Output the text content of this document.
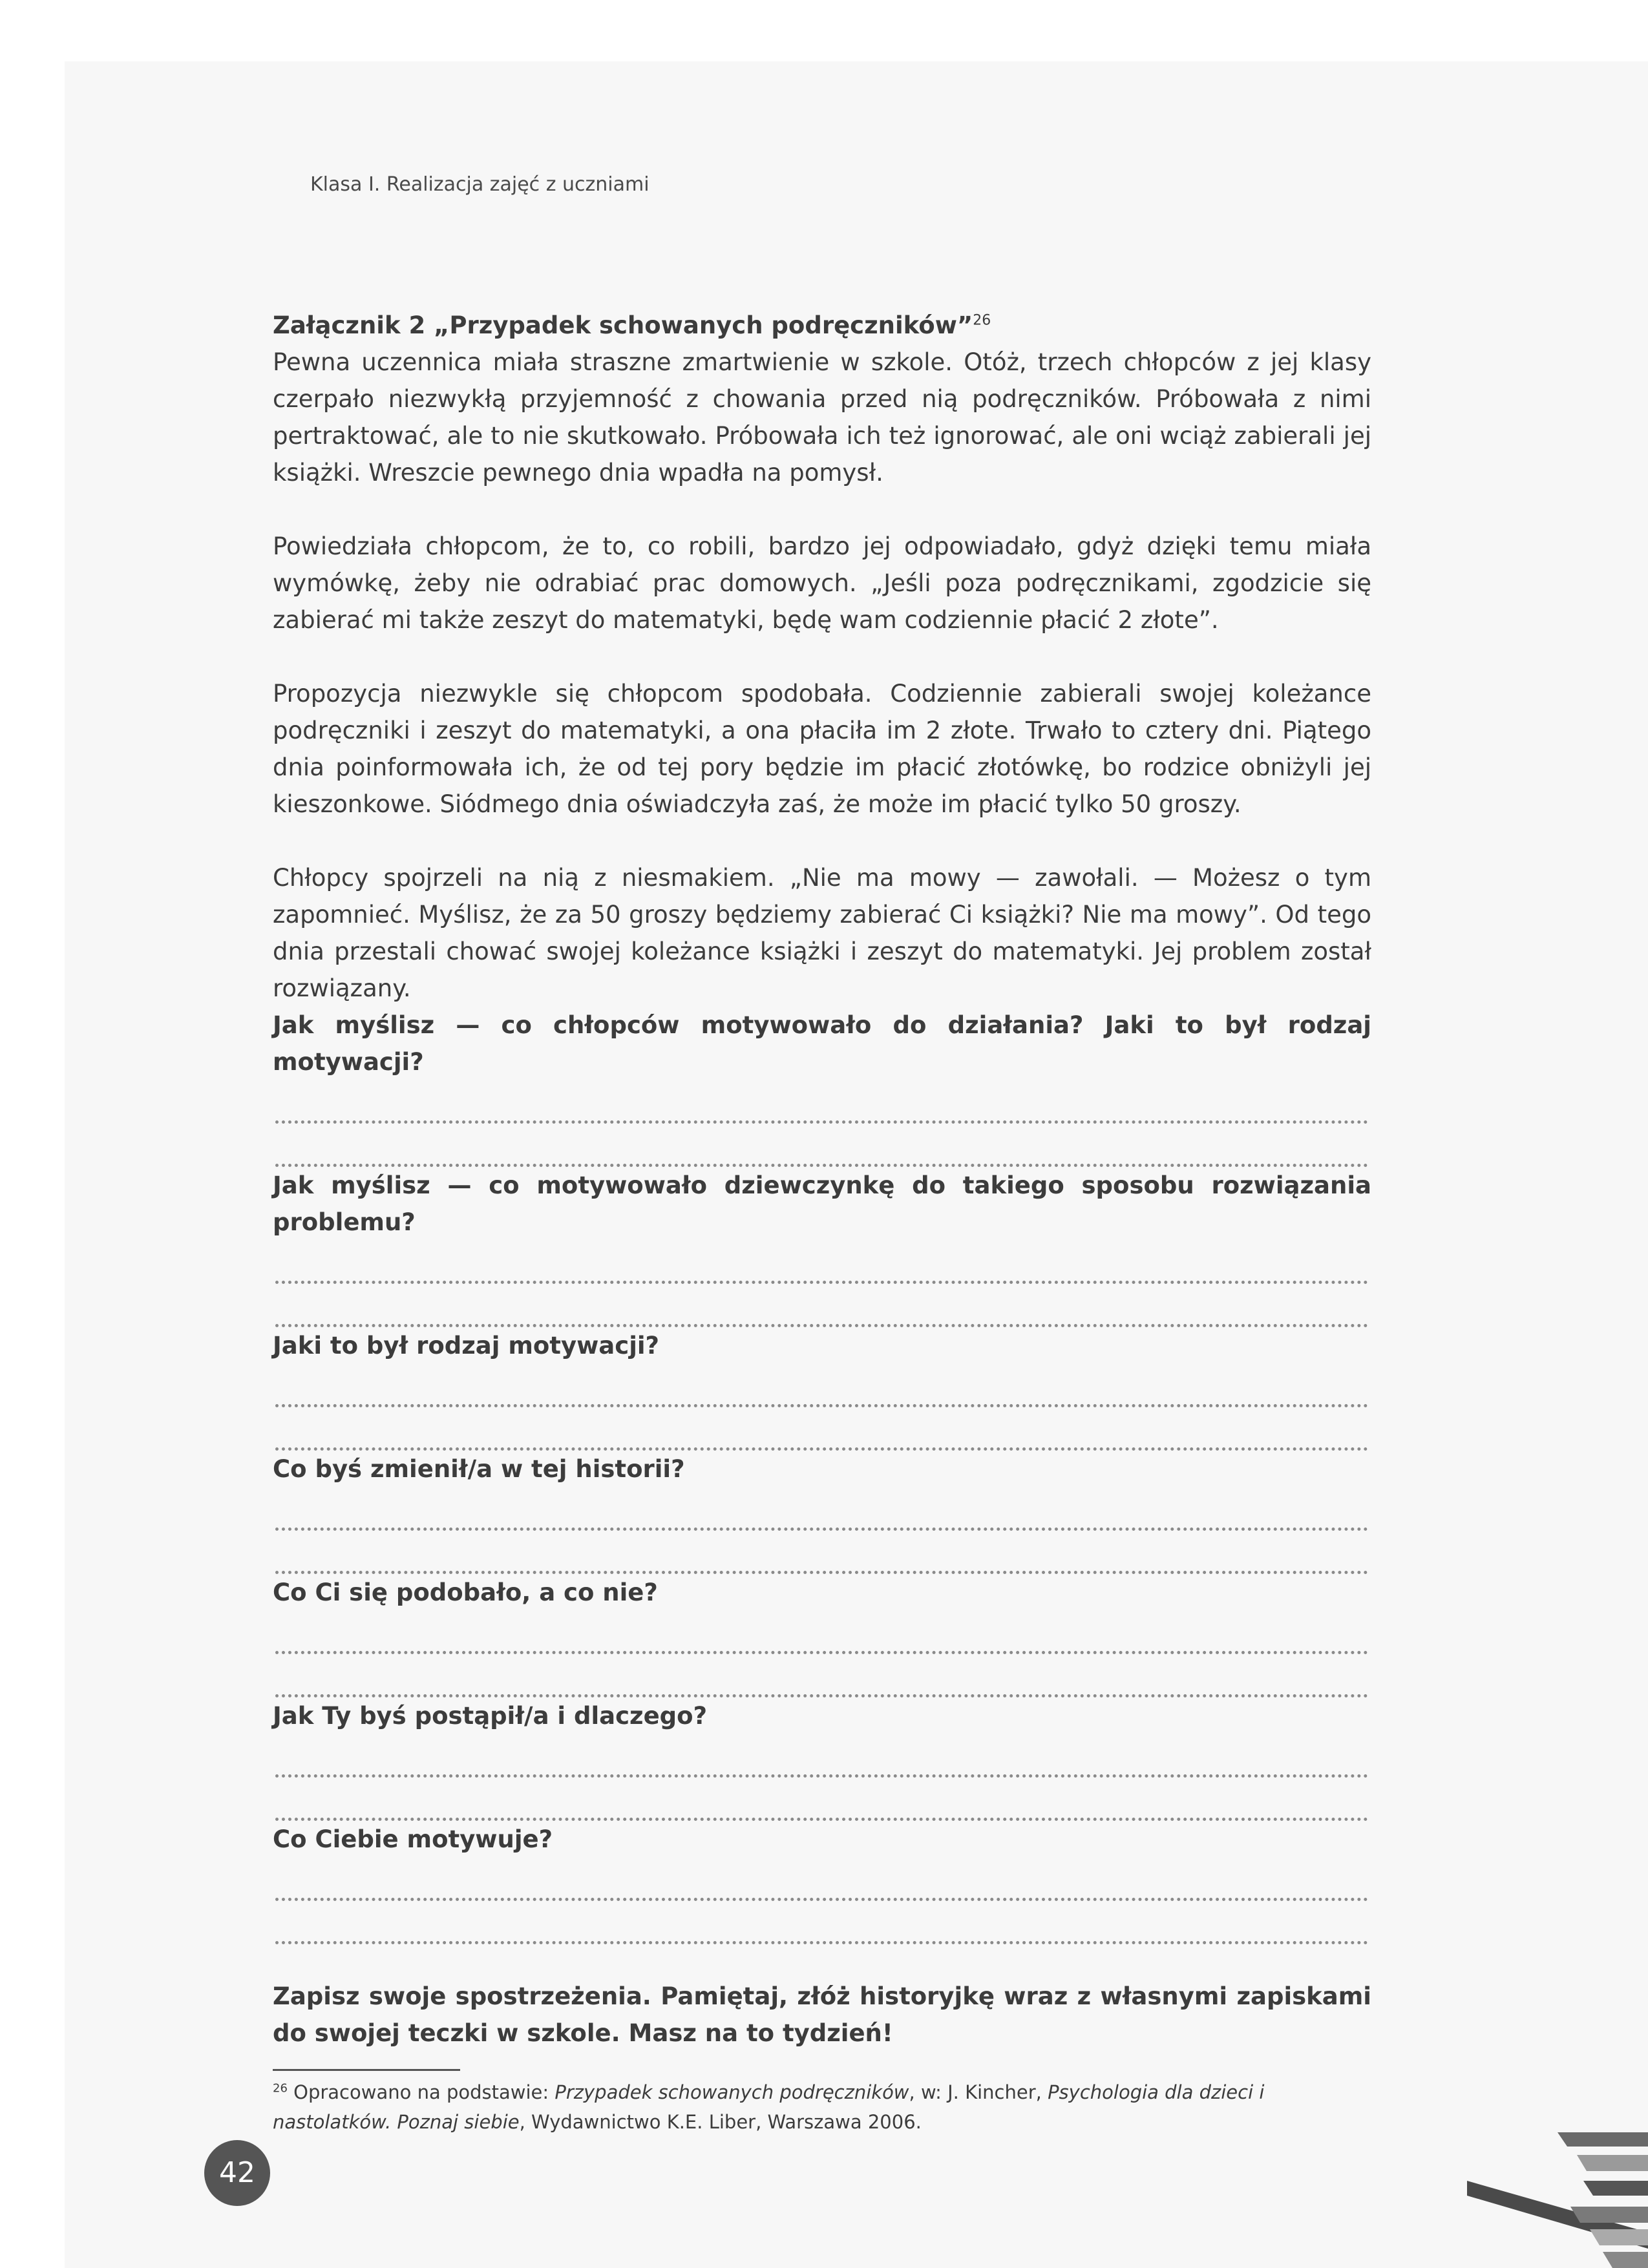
Klasa I. Realizacja zajęć z uczniami

Załącznik 2 „Przypadek schowanych podręczników”$^{26}$
Pewna uczennica miała straszne zmartwienie w szkole. Otóż, trzech chłopców z jej klasy czerpało niezwykłą przyjemność z chowania przed nią podręczników. Próbowała z nimi pertraktować, ale to nie skutkowało. Próbowała ich też ignorować, ale oni wciąż zabierali jej książki. Wreszcie pewnego dnia wpadła na pomysł.

Powiedziała chłopcom, że to, co robili, bardzo jej odpowiadało, gdyż dzięki temu miała wymówkę, żeby nie odrabiać prac domowych. „Jeśli poza podręcznikami, zgodzicie się zabierać mi także zeszyt do matematyki, będę wam codziennie płacić 2 złote”.

Propozycja niezwykle się chłopcom spodobała. Codziennie zabierali swojej koleżance podręczniki i zeszyt do matematyki, a ona płaciła im 2 złote. Trwało to cztery dni. Piątego dnia poinformowała ich, że od tej pory będzie im płacić złotówkę, bo rodzice obniżyli jej kieszonkowe. Siódmego dnia oświadczyła zaś, że może im płacić tylko 50 groszy.

Chłopcy spojrzeli na nią z niesmakiem. „Nie ma mowy — zawołali. — Możesz o tym zapomnieć. Myślisz, że za 50 groszy będziemy zabierać Ci książki? Nie ma mowy”. Od tego dnia przestali chować swojej koleżance książki i zeszyt do matematyki. Jej problem został rozwiązany.

Jak myślisz — co chłopców motywowało do działania? Jaki to był rodzaj motywacji?

Jak myślisz — co motywowało dziewczynkę do takiego sposobu rozwiązania problemu?

Jaki to był rodzaj motywacji?

Co byś zmienił/a w tej historii?

Co Ci się podobało, a co nie?

Jak Ty byś postąpił/a i dlaczego?

Co Ciebie motywuje?

Zapisz swoje spostrzeżenia. Pamiętaj, złóż historyjkę wraz z własnymi zapiskami do swojej teczki w szkole. Masz na to tydzień!

$^{26}$ Opracowano na podstawie: Przypadek schowanych podręczników, w: J. Kincher, Psychologia dla dzieci i nastolatków. Poznaj siebie, Wydawnictwo K.E. Liber, Warszawa 2006.
42
